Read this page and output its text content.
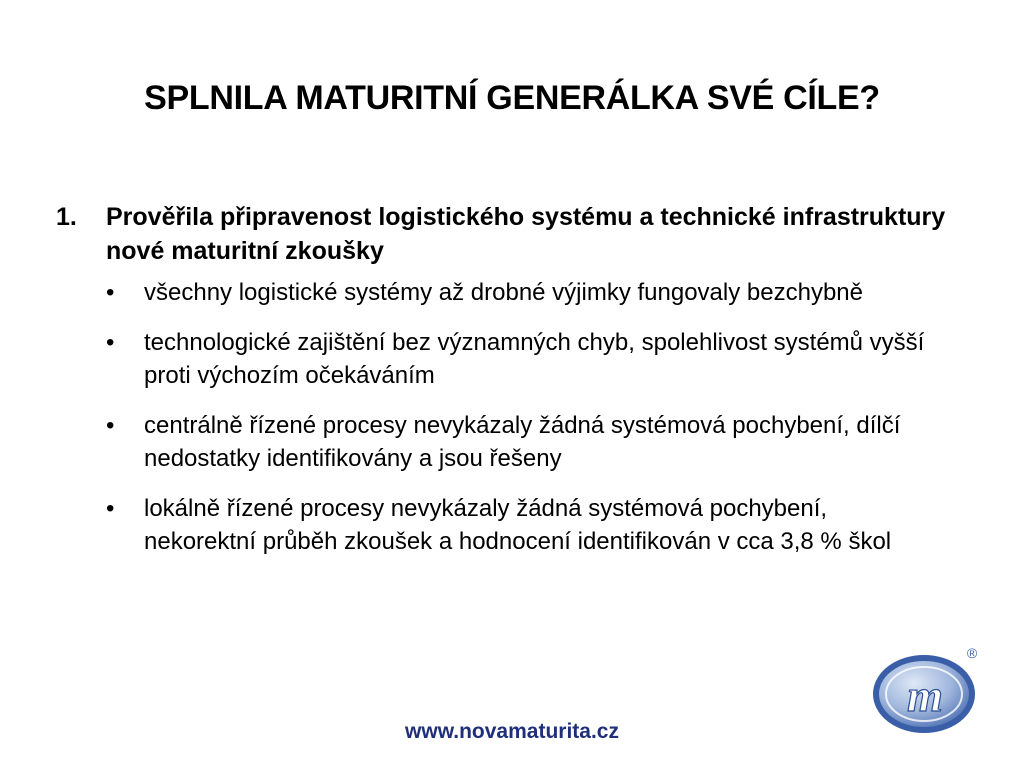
SPLNILA MATURITNÍ GENERÁLKA SVÉ CÍLE?
1. Prověřila připravenost logistického systému a technické infrastruktury nové maturitní zkoušky
• všechny logistické systémy až drobné výjimky fungovaly bezchybně
• technologické zajištění bez významných chyb, spolehlivost systémů vyšší proti výchozím očekáváním
• centrálně řízené procesy nevykázaly žádná systémová pochybení, dílčí nedostatky identifikovány a jsou řešeny
• lokálně řízené procesy nevykázaly žádná systémová pochybení, nekorektní průběh zkoušek a hodnocení identifikován v cca 3,8 % škol
m
®
www.novamaturita.cz
